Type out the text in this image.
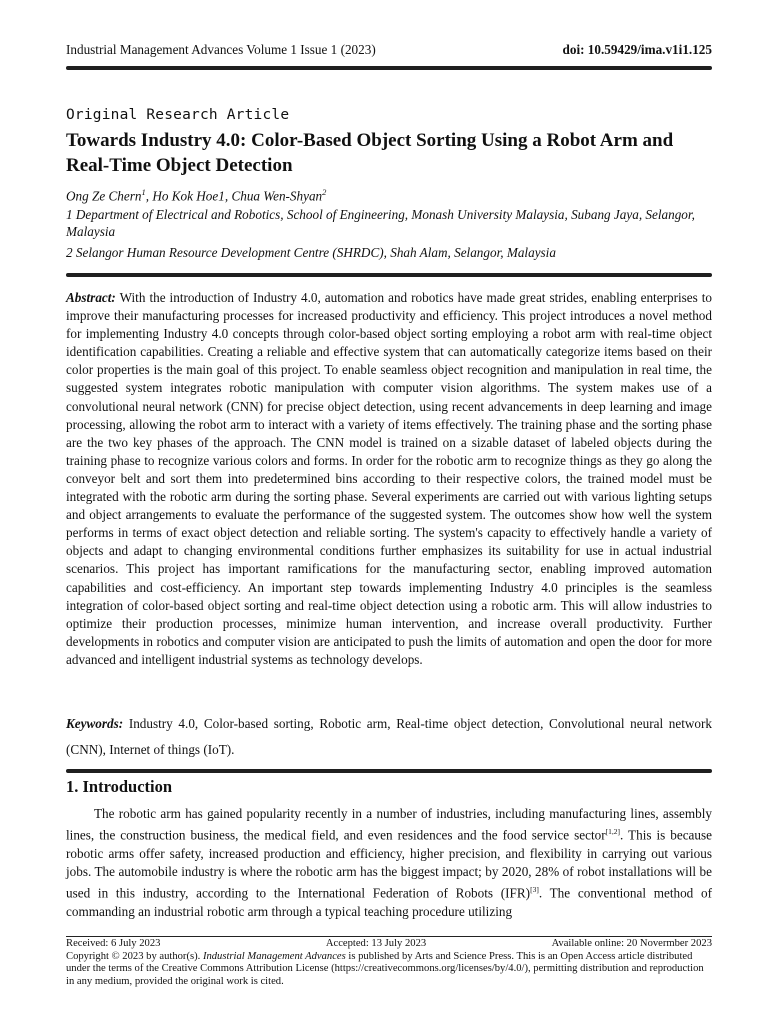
Industrial Management Advances Volume 1 Issue 1 (2023)	doi: 10.59429/ima.v1i1.125
Original Research Article
Towards Industry 4.0: Color-Based Object Sorting Using a Robot Arm and Real-Time Object Detection
Ong Ze Chern$^1$, Ho Kok Hoe1, Chua Wen-Shyan$^2$
1 Department of Electrical and Robotics, School of Engineering, Monash University Malaysia, Subang Jaya, Selangor, Malaysia
2 Selangor Human Resource Development Centre (SHRDC), Shah Alam, Selangor, Malaysia
Abstract: With the introduction of Industry 4.0, automation and robotics have made great strides, enabling enterprises to improve their manufacturing processes for increased productivity and efficiency. This project introduces a novel method for implementing Industry 4.0 concepts through color-based object sorting employing a robot arm with real-time object identification capabilities. Creating a reliable and effective system that can automatically categorize items based on their color properties is the main goal of this project. To enable seamless object recognition and manipulation in real time, the suggested system integrates robotic manipulation with computer vision algorithms. The system makes use of a convolutional neural network (CNN) for precise object detection, using recent advancements in deep learning and image processing, allowing the robot arm to interact with a variety of items effectively. The training phase and the sorting phase are the two key phases of the approach. The CNN model is trained on a sizable dataset of labeled objects during the training phase to recognize various colors and forms. In order for the robotic arm to recognize things as they go along the conveyor belt and sort them into predetermined bins according to their respective colors, the trained model must be integrated with the robotic arm during the sorting phase. Several experiments are carried out with various lighting setups and object arrangements to evaluate the performance of the suggested system. The outcomes show how well the system performs in terms of exact object detection and reliable sorting. The system's capacity to effectively handle a variety of objects and adapt to changing environmental conditions further emphasizes its suitability for use in actual industrial scenarios. This project has important ramifications for the manufacturing sector, enabling improved automation capabilities and cost-efficiency. An important step towards implementing Industry 4.0 principles is the seamless integration of color-based object sorting and real-time object detection using a robotic arm. This will allow industries to optimize their production processes, minimize human intervention, and increase overall productivity. Further developments in robotics and computer vision are anticipated to push the limits of automation and open the door for more advanced and intelligent industrial systems as technology develops.
Keywords: Industry 4.0, Color-based sorting, Robotic arm, Real-time object detection, Convolutional neural network (CNN), Internet of things (IoT).
1. Introduction
The robotic arm has gained popularity recently in a number of industries, including manufacturing lines, assembly lines, the construction business, the medical field, and even residences and the food service sector[1,2]. This is because robotic arms offer safety, increased production and efficiency, higher precision, and flexibility in carrying out various jobs. The automobile industry is where the robotic arm has the biggest impact; by 2020, 28% of robot installations will be used in this industry, according to the International Federation of Robots (IFR)[3]. The conventional method of commanding an industrial robotic arm through a typical teaching procedure utilizing
Received: 6 July 2023	Accepted: 13 July 2023	Available online: 20 Novermber 2023
Copyright © 2023 by author(s). Industrial Management Advances is published by Arts and Science Press. This is an Open Access article distributed under the terms of the Creative Commons Attribution License (https://creativecommons.org/licenses/by/4.0/), permitting distribution and reproduction in any medium, provided the original work is cited.
